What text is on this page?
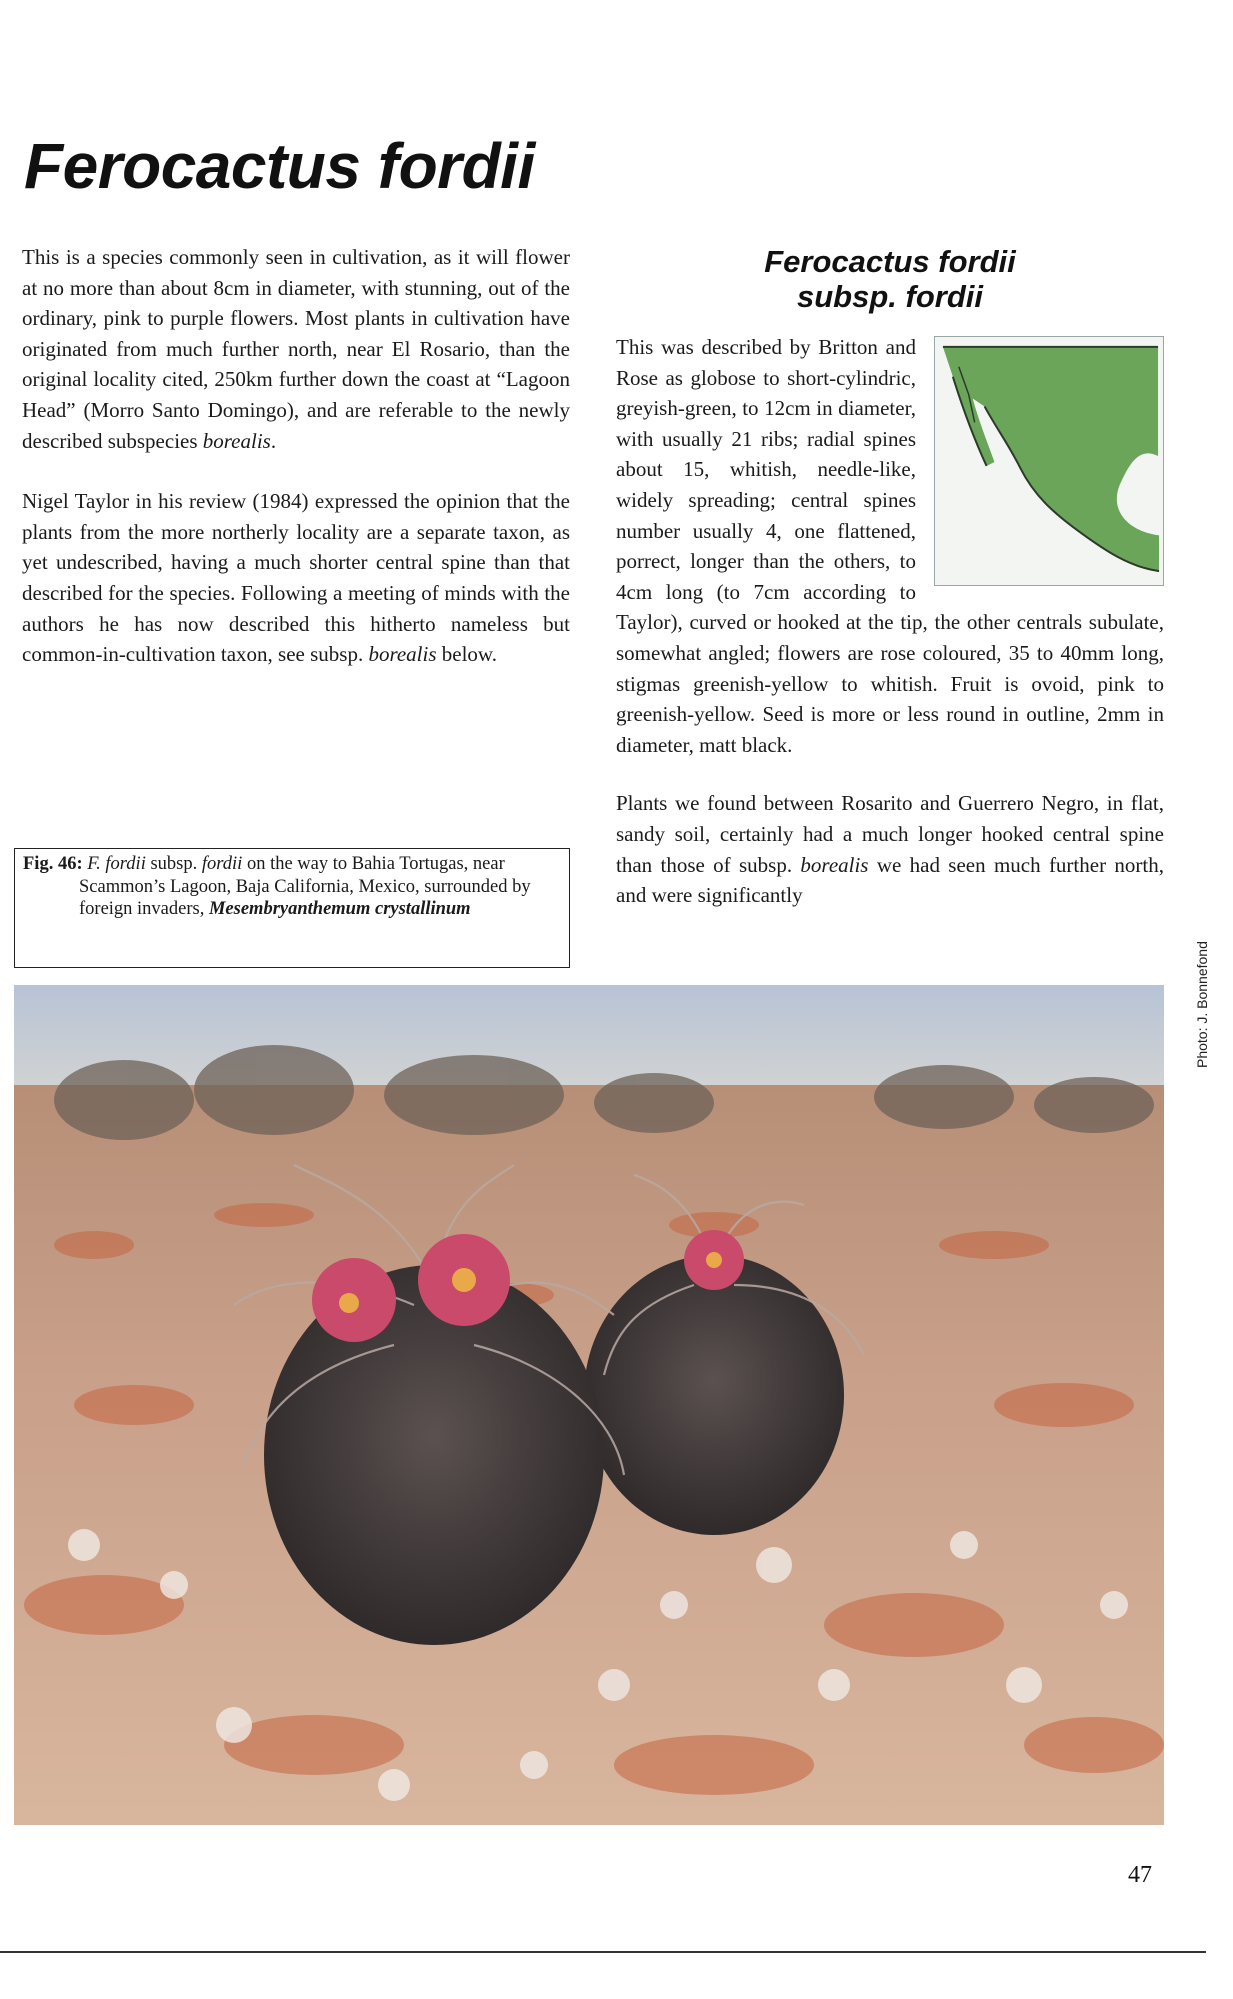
Ferocactus fordii

This is a species commonly seen in cultivation, as it will flower at no more than about 8cm in diameter, with stunning, out of the ordinary, pink to purple flowers. Most plants in cultivation have originated from much further north, near El Rosario, than the original locality cited, 250km further down the coast at “Lagoon Head” (Morro Santo Domingo), and are referable to the newly described subspecies borealis.

Nigel Taylor in his review (1984) expressed the opinion that the plants from the more northerly locality are a separate taxon, as yet undescribed, having a much shorter central spine than that described for the species. Following a meeting of minds with the authors he has now described this hitherto nameless but common-in-cultivation taxon, see subsp. borealis below.

Ferocactus fordii
subsp. fordii

This was described by Britton and Rose as globose to short-cylindric, greyish-green, to 12cm in diameter, with usually 21 ribs; radial spines about 15, whitish, needle-like, widely spreading; central spines number usually 4, one flattened, porrect, longer than the others, to 4cm long (to 7cm according to Taylor), curved or hooked at the tip, the other centrals subulate, somewhat angled; flowers are rose coloured, 35 to 40mm long, stigmas greenish-yellow to whitish. Fruit is ovoid, pink to greenish-yellow. Seed is more or less round in outline, 2mm in diameter, matt black.

Plants we found between Rosarito and Guerrero Negro, in flat, sandy soil, certainly had a much longer hooked central spine than those of subsp. borealis we had seen much further north, and were significantly

Fig. 46: F. fordii subsp. fordii on the way to Bahia Tortugas, near Scammon’s Lagoon, Baja California, Mexico, surrounded by foreign invaders, Mesembryanthemum crystallinum
Photo: J. Bonnefond
47
